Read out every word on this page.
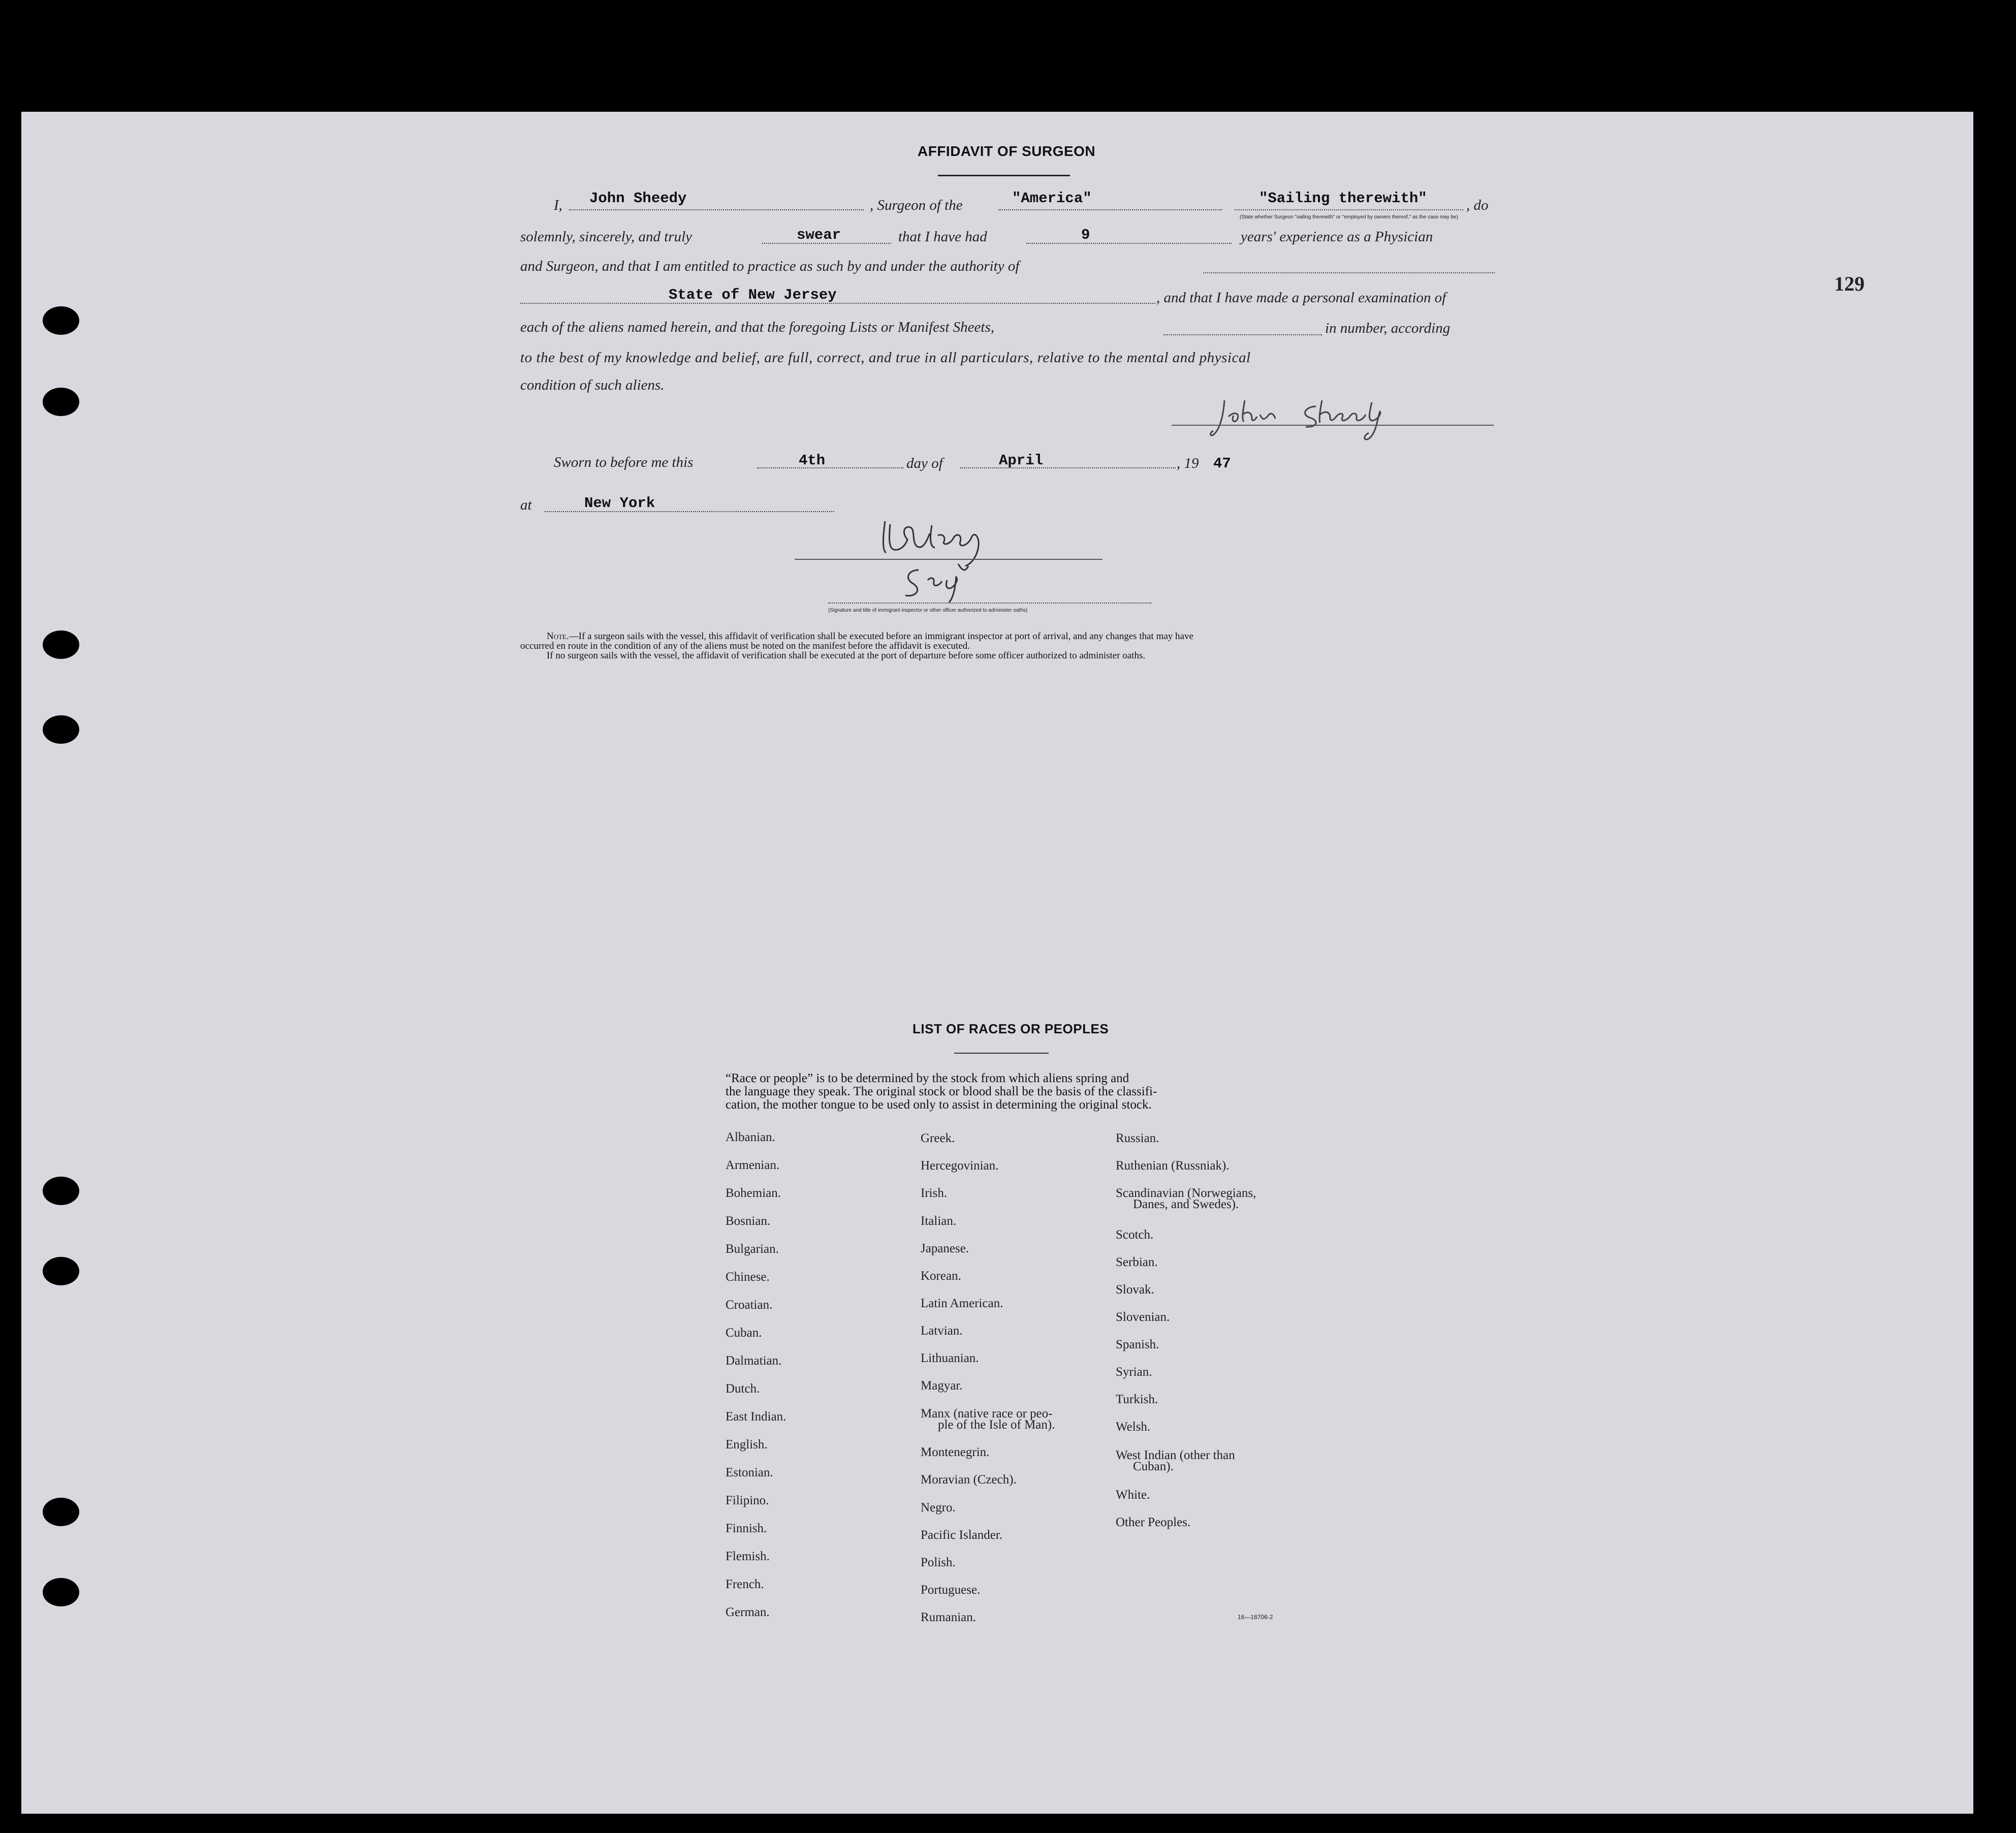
129
AFFIDAVIT OF SURGEON
I, John Sheedy	, Surgeon of the	"America"	"Sailing therewith"	, do
(State whether Surgeon "sailing therewith" or "employed by owners thereof," as the case may be)
solemnly, sincerely, and truly	swear	that I have had	9	years' experience as a Physician
and Surgeon, and that I am entitled to practice as such by and under the authority of
State of New Jersey	, and that I have made a personal examination of
each of the aliens named herein, and that the foregoing Lists or Manifest Sheets,	in number, according
to the best of my knowledge and belief, are full, correct, and true in all particulars, relative to the mental and physical
condition of such aliens.
Sworn to before me this	4th	day of	April	, 19 47
at	New York
(Signature and title of immigrant inspector or other officer authorized to administer oaths)
Note.—If a surgeon sails with the vessel, this affidavit of verification shall be executed before an immigrant inspector at port of arrival, and any changes that may have
occurred en route in the condition of any of the aliens must be noted on the manifest before the affidavit is executed.
If no surgeon sails with the vessel, the affidavit of verification shall be executed at the port of departure before some officer authorized to administer oaths.
LIST OF RACES OR PEOPLES
“Race or people” is to be determined by the stock from which aliens spring and
the language they speak. The original stock or blood shall be the basis of the classifi-
cation, the mother tongue to be used only to assist in determining the original stock.
Albanian.
Armenian.
Bohemian.
Bosnian.
Bulgarian.
Chinese.
Croatian.
Cuban.
Dalmatian.
Dutch.
East Indian.
English.
Estonian.
Filipino.
Finnish.
Flemish.
French.
German.
Greek.
Hercegovinian.
Irish.
Italian.
Japanese.
Korean.
Latin American.
Latvian.
Lithuanian.
Magyar.
Manx (native race or peo-
ple of the Isle of Man).
Montenegrin.
Moravian (Czech).
Negro.
Pacific Islander.
Polish.
Portuguese.
Rumanian.
Russian.
Ruthenian (Russniak).
Scandinavian (Norwegians,
Danes, and Swedes).
Scotch.
Serbian.
Slovak.
Slovenian.
Spanish.
Syrian.
Turkish.
Welsh.
West Indian (other than
Cuban).
White.
Other Peoples.
16—18706-2
